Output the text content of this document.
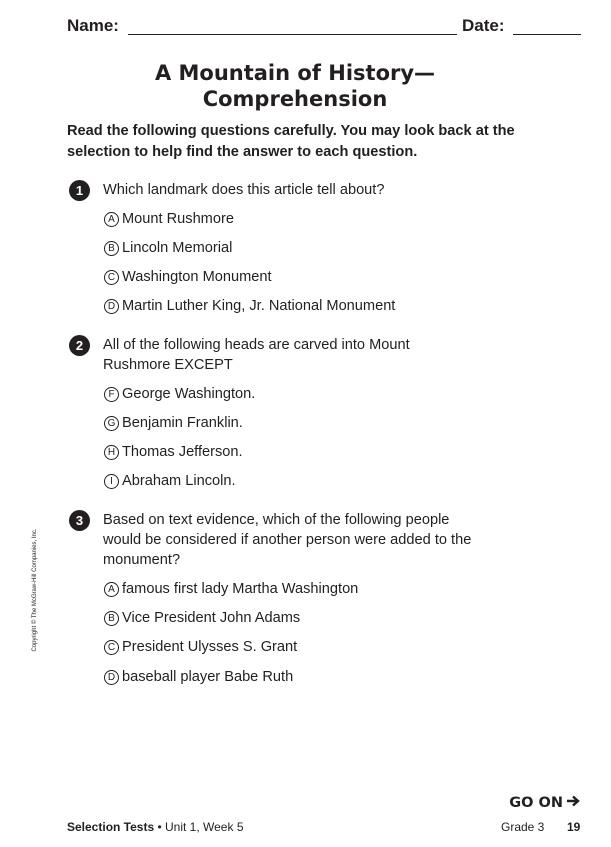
Name:	Date:
A Mountain of History—
Comprehension
Read the following questions carefully. You may look back at the selection to help find the answer to each question.
1	Which landmark does this article tell about?
A Mount Rushmore
B Lincoln Memorial
C Washington Monument
D Martin Luther King, Jr. National Monument
2	All of the following heads are carved into Mount Rushmore EXCEPT
F George Washington.
G Benjamin Franklin.
H Thomas Jefferson.
I Abraham Lincoln.
3	Based on text evidence, which of the following people would be considered if another person were added to the monument?
A famous first lady Martha Washington
B Vice President John Adams
C President Ulysses S. Grant
D baseball player Babe Ruth
Copyright © The McGraw-Hill Companies, Inc.
GO ON
Selection Tests • Unit 1, Week 5	Grade 3 19
